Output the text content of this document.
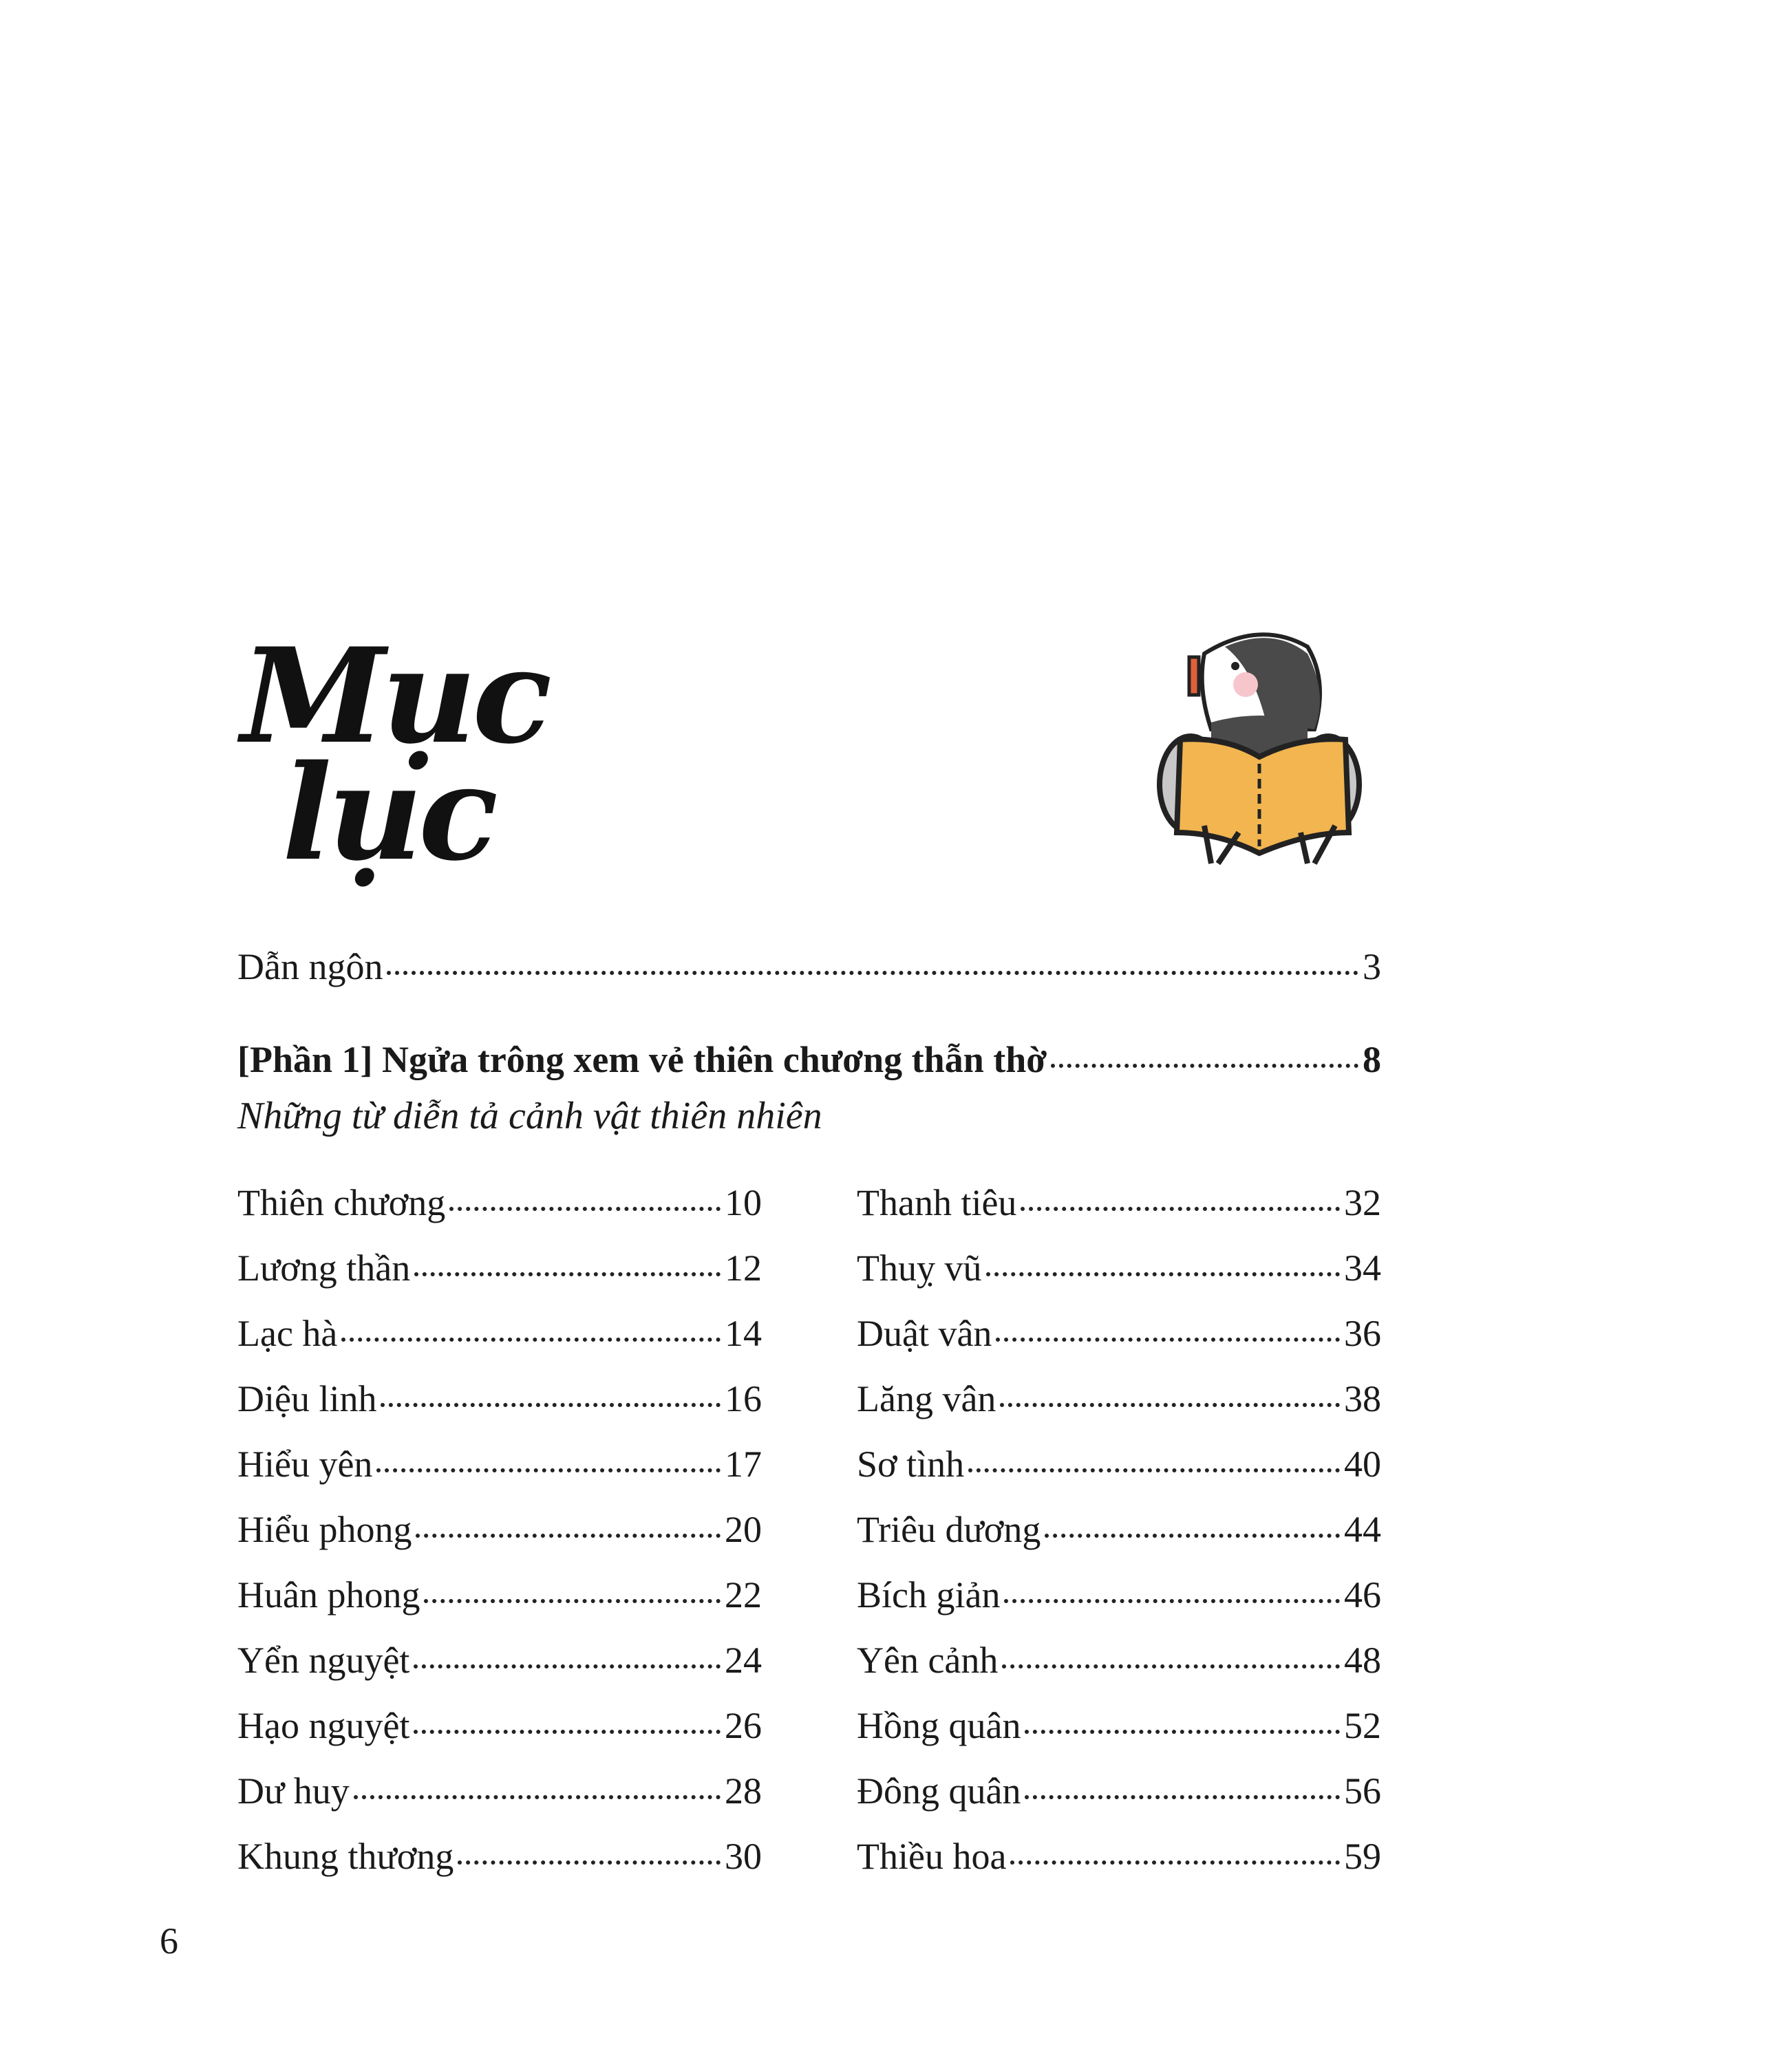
Mục
lục
Dẫn ngôn	3
[Phần 1] Ngửa trông xem vẻ thiên chương thẫn thờ	8
Những từ diễn tả cảnh vật thiên nhiên
Thiên chương	10
Lương thần	12
Lạc hà	14
Diệu linh	16
Hiểu yên	17
Hiểu phong	20
Huân phong	22
Yển nguyệt	24
Hạo nguyệt	26
Dư huy	28
Khung thương	30
Thanh tiêu	32
Thuỵ vũ	34
Duật vân	36
Lăng vân	38
Sơ tình	40
Triêu dương	44
Bích giản	46
Yên cảnh	48
Hồng quân	52
Đông quân	56
Thiều hoa	59
6
